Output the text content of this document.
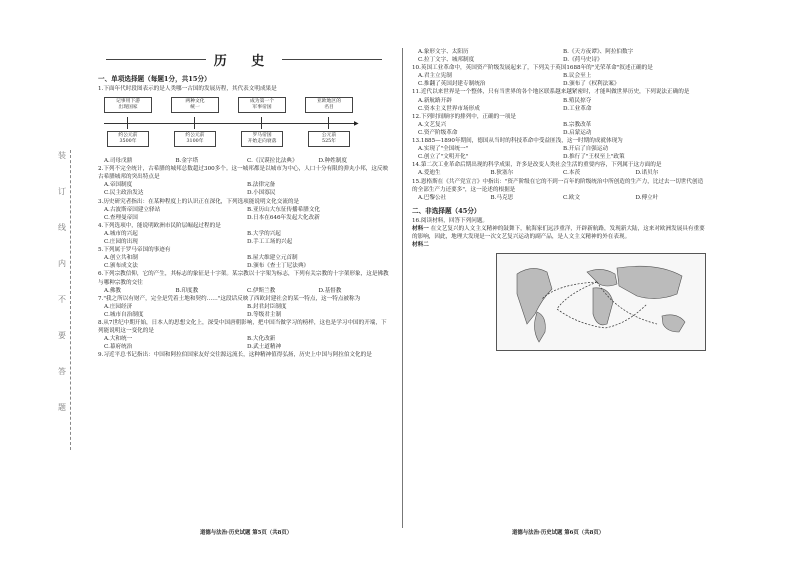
装
订
线
内
不
要
答
题
历 史
一、单项选择题（每题1分，共15分）

1.下面年代时段图表示的是人类哪一古国的发展历程，其代表文明成果是

▶
记事用下游
出现国家
两种文化
统一
成为第一个
军事帝国
亚欧地区的
名目
约公元前
3500年
约公元前
3100年
罗马帝国
开始走向衰落
公元前
525年
A.司母戊鼎	B.金字塔	C.《汉谟拉比法典》	D.种姓制度

2.下列不完全统计，古希腊的城邦总数超过300多个。这一城邦都是以城市为中心，人口十分有限的弹丸小邦，这反映古希腊城邦的突出特点是

A.帝国制度	B.法律完备
C.民主政治发达	D.小国寡民

3.历史研究者指出：在某种程度上的认识正在深化，下列选项能说明文化交流的是

A.古波斯帝国建立驿站	B.亚历山大东征传播希腊文化
C.查理曼帝国	D.日本在646年发起大化改新

4.下列选项中，能说明欧洲市民阶层崛起过程的是

A.城市的兴起	B.大学的兴起
C.庄园的出现	D.手工工场的兴起

5.下列属于罗马帝国的事迹有

A.创立共和制	B.屋大维建立元首制
C.颁布成文法	D.颁布《查士丁尼法典》

6.下列宗教信仰，它的产生，其标志的象征是十字架。某宗教以十字架为标志，下列有关宗教的十字架形象，这是佛教与哪种宗教的交往

A.佛教	B.印度教	C.伊斯兰教	D.基督教

7."我之所以有财产，完全是凭着土地和契约……"这段话反映了西欧封建社会的某一特点，这一特点被称为

A.庄园经济	B.封君封臣制度
C.城市自治制度	D.等级君主制

8.从7世纪中期开始，日本人的思想文化上，深受中国唐朝影响，把中国当做学习的榜样，这也是学习中国的开端，下列能说明这一变化的是

A.大和统一	B.大化改新
C.幕府统治	D.武士道精神

9.习近平总书记指出：中国和阿拉伯国家友好交往源远流长，这种精神值得弘扬，历史上中国与阿拉伯文化的是

A.象形文字、太阳历	B.《天方夜谭》、阿拉伯数字
C.拉丁文字、城邦制度	D.《荷马史诗》

10.英国工业革命中，英国资产阶级发展起来了，下列关于英国1688年的"光荣革命"叙述正确的是

A.君主立宪制	B.议会至上
C.推翻了英国封建专制统治	D.颁布了《权利法案》

11.近代以来世界是一个整体，只有当世界的各个地区联系越来越紧密时，才能叫做世界历史，下列说法正确的是

A.新航路开辟	B.殖民掠夺
C.资本主义世界市场形成	D.工业革命

12.下列时间顺序的排列中，正确的一项是

A.文艺复兴	B.宗教改革
C.资产阶级革命	D.启蒙运动

13.1885—1890年期间，德国从当时的科技革命中受益匪浅，这一时期的成就体现为

A.实现了"全国统一"	B.开启了自强运动
C.创立了"文明开化"	D.推行了"王权至上"政策

14.第二次工业革命后期出现的科学成果，许多是改变人类社会生活的重要内容，下列属于这方面的是

A.爱迪生	B.狄塞尔	C.本茨	D.诺贝尔

15.恩格斯在《共产党宣言》中指出："资产阶级在它的不到一百年的阶级统治中所创造的生产力，比过去一切世代创造的全部生产力还要多"，这一论述的根据是

A.巴黎公社	B.马克思	C.欧文	D.傅立叶
二、非选择题（45分）

16.阅读材料，回答下列问题。

材料一 在文艺复兴的人文主义精神的鼓舞下，航海家们远涉重洋，开辟新航路，发现新大陆，这来对欧洲发展具有重要的影响，因此，地理大发现是一次文艺复兴运动的副产品，是人文主义精神的外在表现。

材料二

道德与法治·历史试题 第5页（共8页）	道德与法治·历史试题 第6页（共8页）
